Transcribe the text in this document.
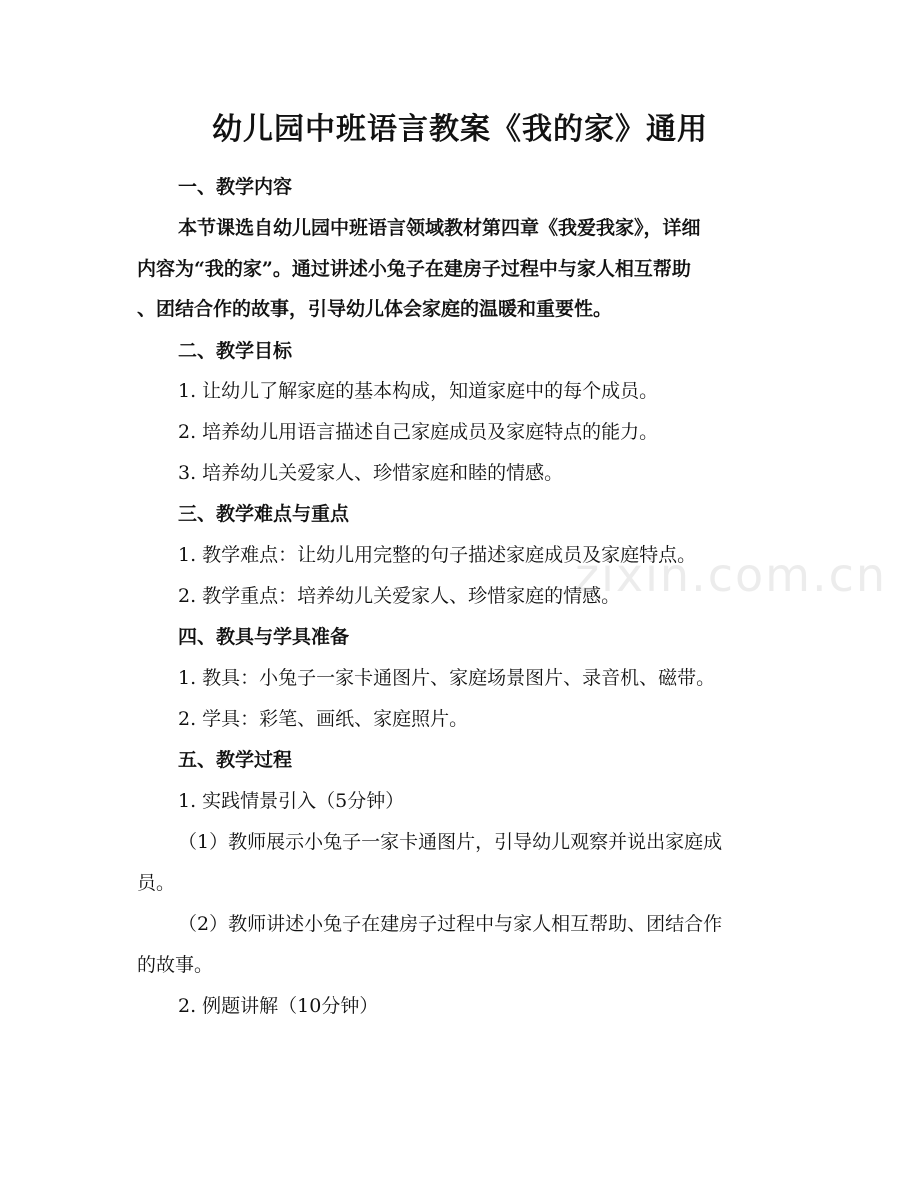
幼儿园中班语言教案《我的家》通用
一、教学内容
本节课选自幼儿园中班语言领域教材第四章《我爱我家》，详细
内容为“我的家”。通过讲述小兔子在建房子过程中与家人相互帮助
、团结合作的故事，引导幼儿体会家庭的温暖和重要性。
二、教学目标
1. 让幼儿了解家庭的基本构成，知道家庭中的每个成员。
2. 培养幼儿用语言描述自己家庭成员及家庭特点的能力。
3. 培养幼儿关爱家人、珍惜家庭和睦的情感。
三、教学难点与重点
1. 教学难点：让幼儿用完整的句子描述家庭成员及家庭特点。
2. 教学重点：培养幼儿关爱家人、珍惜家庭的情感。
四、教具与学具准备
1. 教具：小兔子一家卡通图片、家庭场景图片、录音机、磁带。
2. 学具：彩笔、画纸、家庭照片。
五、教学过程
1. 实践情景引入（5分钟）
（1）教师展示小兔子一家卡通图片，引导幼儿观察并说出家庭成
员。
（2）教师讲述小兔子在建房子过程中与家人相互帮助、团结合作
的故事。
2. 例题讲解（10分钟）
zixin.com.cn
